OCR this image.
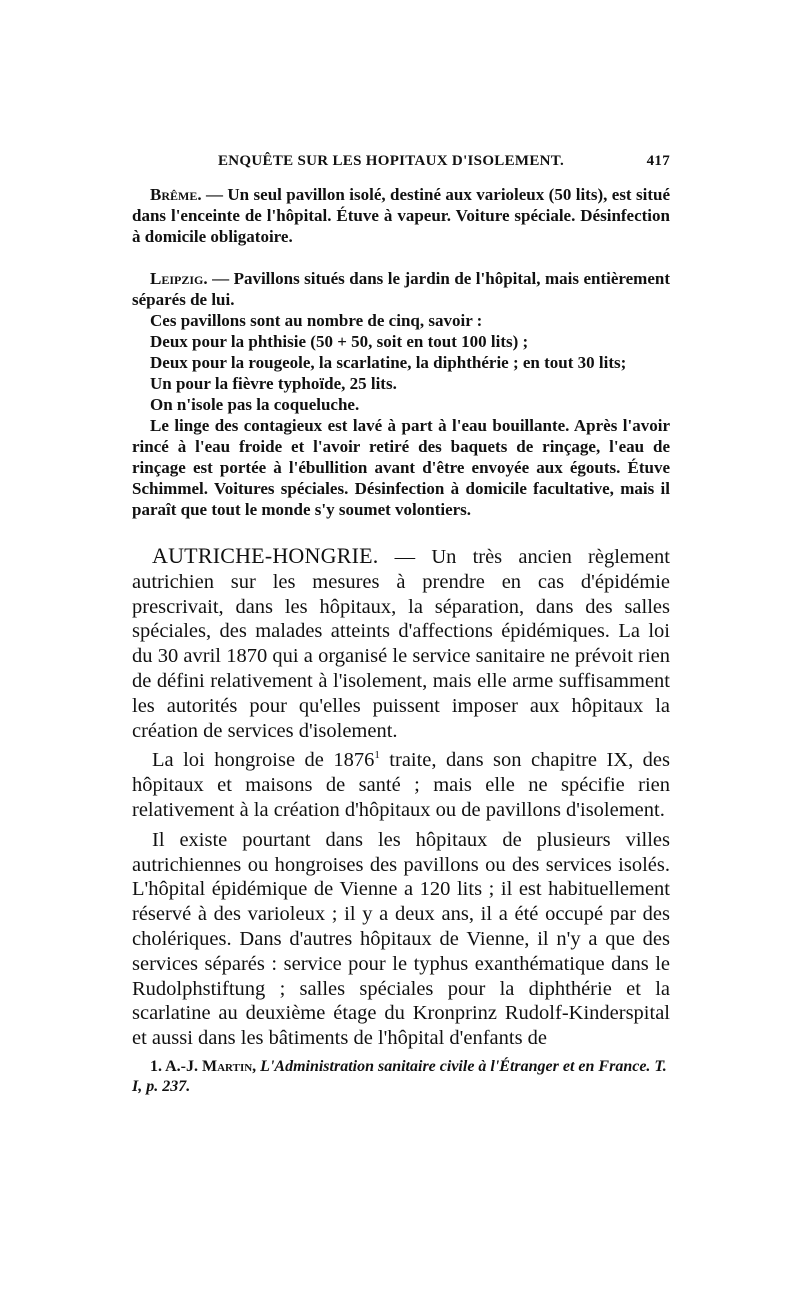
ENQUÊTE SUR LES HOPITAUX D'ISOLEMENT.	417

Brême. — Un seul pavillon isolé, destiné aux varioleux (50 lits), est situé dans l'enceinte de l'hôpital. Étuve à vapeur. Voiture spéciale. Désinfection à domicile obligatoire.

Leipzig. — Pavillons situés dans le jardin de l'hôpital, mais entièrement séparés de lui.

Ces pavillons sont au nombre de cinq, savoir :

Deux pour la phthisie (50 + 50, soit en tout 100 lits) ;

Deux pour la rougeole, la scarlatine, la diphthérie ; en tout 30 lits;

Un pour la fièvre typhoïde, 25 lits.

On n'isole pas la coqueluche.

Le linge des contagieux est lavé à part à l'eau bouillante. Après l'avoir rincé à l'eau froide et l'avoir retiré des baquets de rinçage, l'eau de rinçage est portée à l'ébullition avant d'être envoyée aux égouts. Étuve Schimmel. Voitures spéciales. Désinfection à domicile facultative, mais il paraît que tout le monde s'y soumet volontiers.

AUTRICHE-HONGRIE. — Un très ancien règlement autrichien sur les mesures à prendre en cas d'épidémie prescrivait, dans les hôpitaux, la séparation, dans des salles spéciales, des malades atteints d'affections épidémiques. La loi du 30 avril 1870 qui a organisé le service sanitaire ne prévoit rien de défini relativement à l'isolement, mais elle arme suffisamment les autorités pour qu'elles puissent imposer aux hôpitaux la création de services d'isolement.

La loi hongroise de 1876$^1$ traite, dans son chapitre IX, des hôpitaux et maisons de santé ; mais elle ne spécifie rien relativement à la création d'hôpitaux ou de pavillons d'isolement.

Il existe pourtant dans les hôpitaux de plusieurs villes autrichiennes ou hongroises des pavillons ou des services isolés. L'hôpital épidémique de Vienne a 120 lits ; il est habituellement réservé à des varioleux ; il y a deux ans, il a été occupé par des cholériques. Dans d'autres hôpitaux de Vienne, il n'y a que des services séparés : service pour le typhus exanthématique dans le Rudolphstiftung ; salles spéciales pour la diphthérie et la scarlatine au deuxième étage du Kronprinz Rudolf-Kinderspital et aussi dans les bâtiments de l'hôpital d'enfants de

1. A.-J. Martin, L'Administration sanitaire civile à l'Étranger et en France. T. I, p. 237.
